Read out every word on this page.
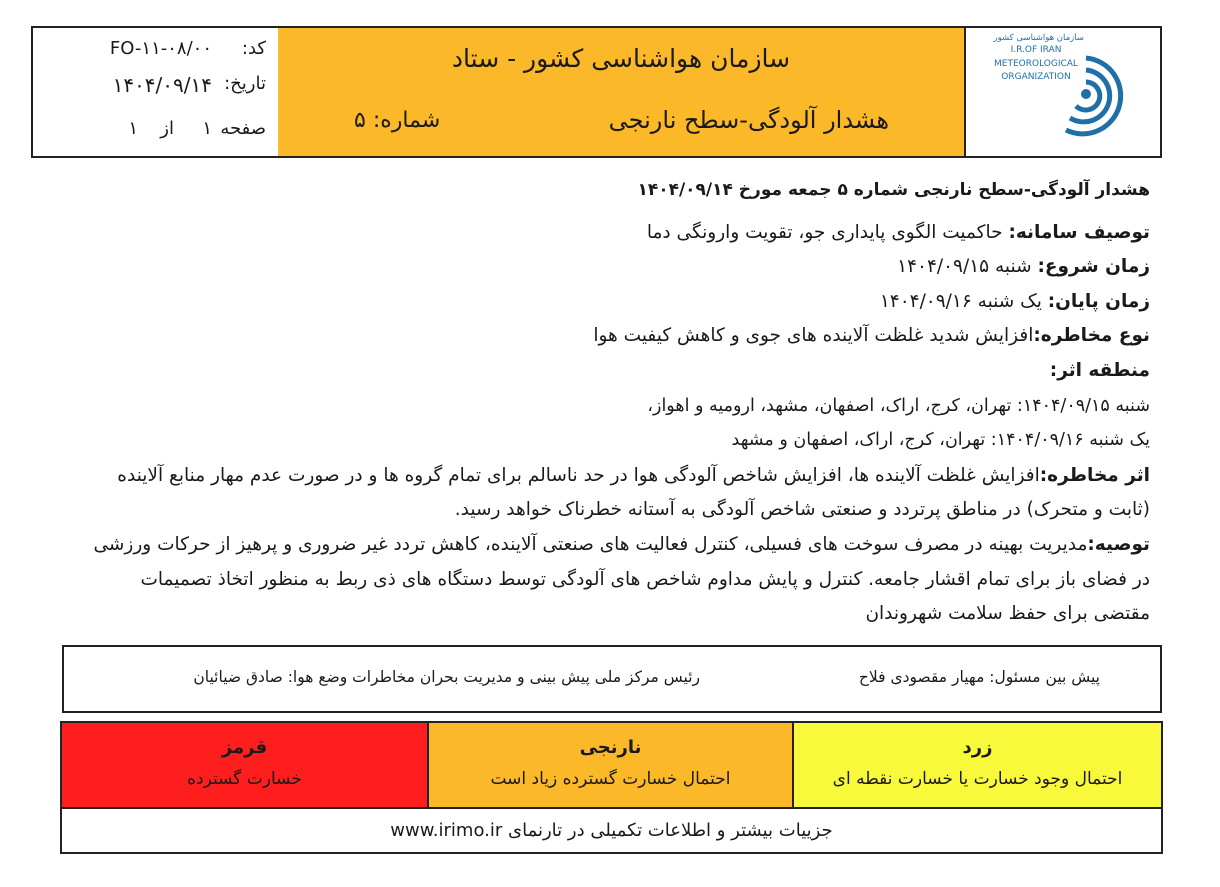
سازمان هواشناسی کشور
I.R.OF IRAN
METEOROLOGICAL
ORGANIZATION
سازمان هواشناسی کشور - ستاد
هشدار آلودگی-سطح نارنجی
شماره: ۵
کد:
FO-۱۱-۰۸/۰۰
تاریخ:
۱۴۰۴/۰۹/۱۴
صفحه
۱
از
۱
هشدار آلودگی-سطح نارنجی شماره ۵ جمعه مورخ ۱۴۰۴/۰۹/۱۴
توصیف سامانه: حاکمیت الگوی پایداری جو، تقویت وارونگی دما
زمان شروع: شنبه ۱۴۰۴/۰۹/۱۵
زمان پایان: یک شنبه ۱۴۰۴/۰۹/۱۶
نوع مخاطره:افزایش شدید غلظت آلاینده های جوی و کاهش کیفیت هوا
منطقه اثر:
شنبه ۱۴۰۴/۰۹/۱۵: تهران، کرج، اراک، اصفهان، مشهد، ارومیه و اهواز،
یک شنبه ۱۴۰۴/۰۹/۱۶: تهران، کرج، اراک، اصفهان و مشهد
اثر مخاطره:افزایش غلظت آلاینده ها، افزایش شاخص آلودگی هوا در حد ناسالم برای تمام گروه ها و در صورت عدم مهار منابع آلاینده
(ثابت و متحرک) در مناطق پرتردد و صنعتی شاخص آلودگی به آستانه خطرناک خواهد رسید.
توصیه:مدیریت بهینه در مصرف سوخت های فسیلی، کنترل فعالیت های صنعتی آلاینده، کاهش تردد غیر ضروری و پرهیز از حرکات ورزشی
در فضای باز برای تمام اقشار جامعه. کنترل و پایش مداوم شاخص های آلودگی توسط دستگاه های ذی ربط به منظور اتخاذ تصمیمات
مقتضی برای حفظ سلامت شهروندان
پیش بین مسئول: مهیار مقصودی فلاح
رئیس مرکز ملی پیش بینی و مدیریت بحران مخاطرات وضع هوا: صادق ضیائیان
زرد
احتمال وجود خسارت یا خسارت نقطه ای
نارنجی
احتمال خسارت گسترده زیاد است
قرمز
خسارت گسترده
جزییات بیشتر و اطلاعات تکمیلی در تارنمای www.irimo.ir
